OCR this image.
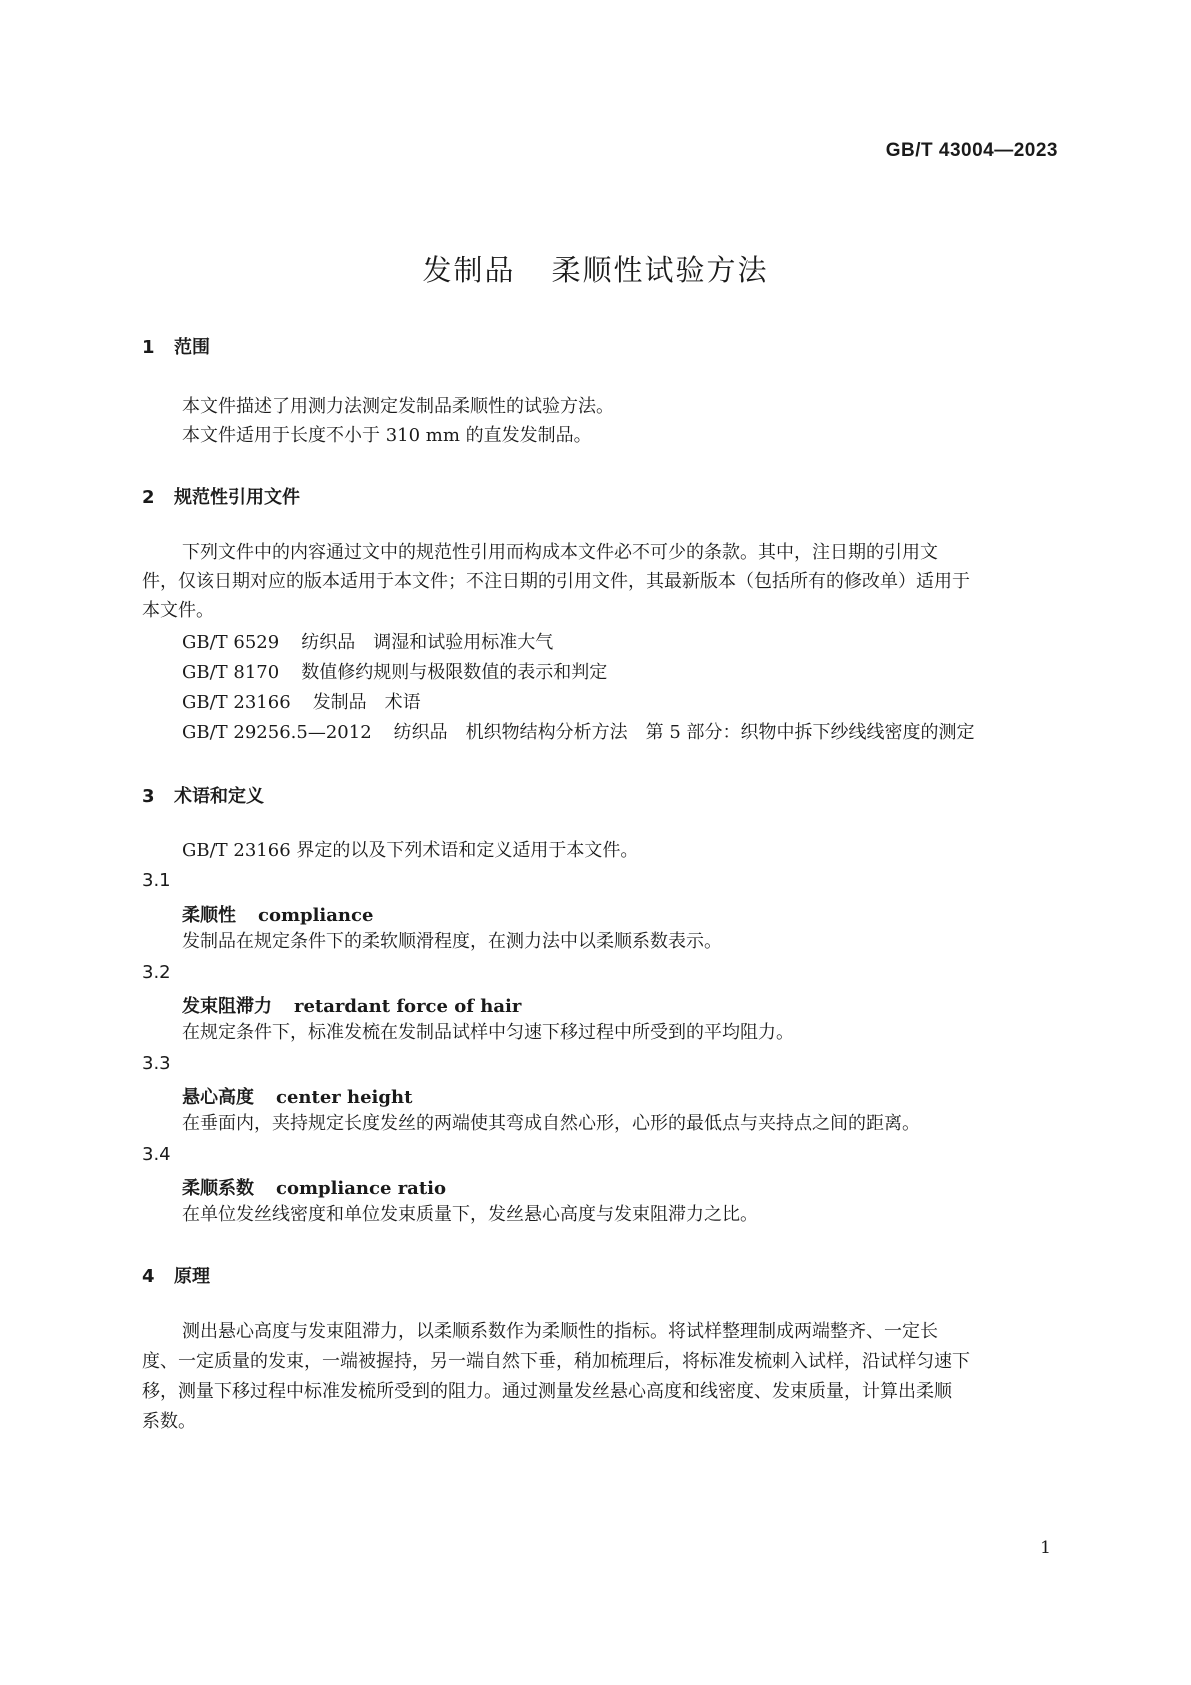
GB/T 43004—2023
发制品 柔顺性试验方法
1 范围
本文件描述了用测力法测定发制品柔顺性的试验方法。
本文件适用于长度不小于 310 mm 的直发发制品。
2 规范性引用文件
下列文件中的内容通过文中的规范性引用而构成本文件必不可少的条款。其中，注日期的引用文
件，仅该日期对应的版本适用于本文件；不注日期的引用文件，其最新版本（包括所有的修改单）适用于
本文件。
GB/T 6529 纺织品　调湿和试验用标准大气
GB/T 8170 数值修约规则与极限数值的表示和判定
GB/T 23166 发制品　术语
GB/T 29256.5—2012 纺织品　机织物结构分析方法　第 5 部分：织物中拆下纱线线密度的测定
3 术语和定义
GB/T 23166 界定的以及下列术语和定义适用于本文件。
3.1
柔顺性 compliance
发制品在规定条件下的柔软顺滑程度，在测力法中以柔顺系数表示。
3.2
发束阻滞力 retardant force of hair
在规定条件下，标准发梳在发制品试样中匀速下移过程中所受到的平均阻力。
3.3
悬心高度 center height
在垂面内，夹持规定长度发丝的两端使其弯成自然心形，心形的最低点与夹持点之间的距离。
3.4
柔顺系数 compliance ratio
在单位发丝线密度和单位发束质量下，发丝悬心高度与发束阻滞力之比。
4 原理
测出悬心高度与发束阻滞力，以柔顺系数作为柔顺性的指标。将试样整理制成两端整齐、一定长
度、一定质量的发束，一端被握持，另一端自然下垂，稍加梳理后，将标准发梳刺入试样，沿试样匀速下
移，测量下移过程中标准发梳所受到的阻力。通过测量发丝悬心高度和线密度、发束质量，计算出柔顺
系数。
1
